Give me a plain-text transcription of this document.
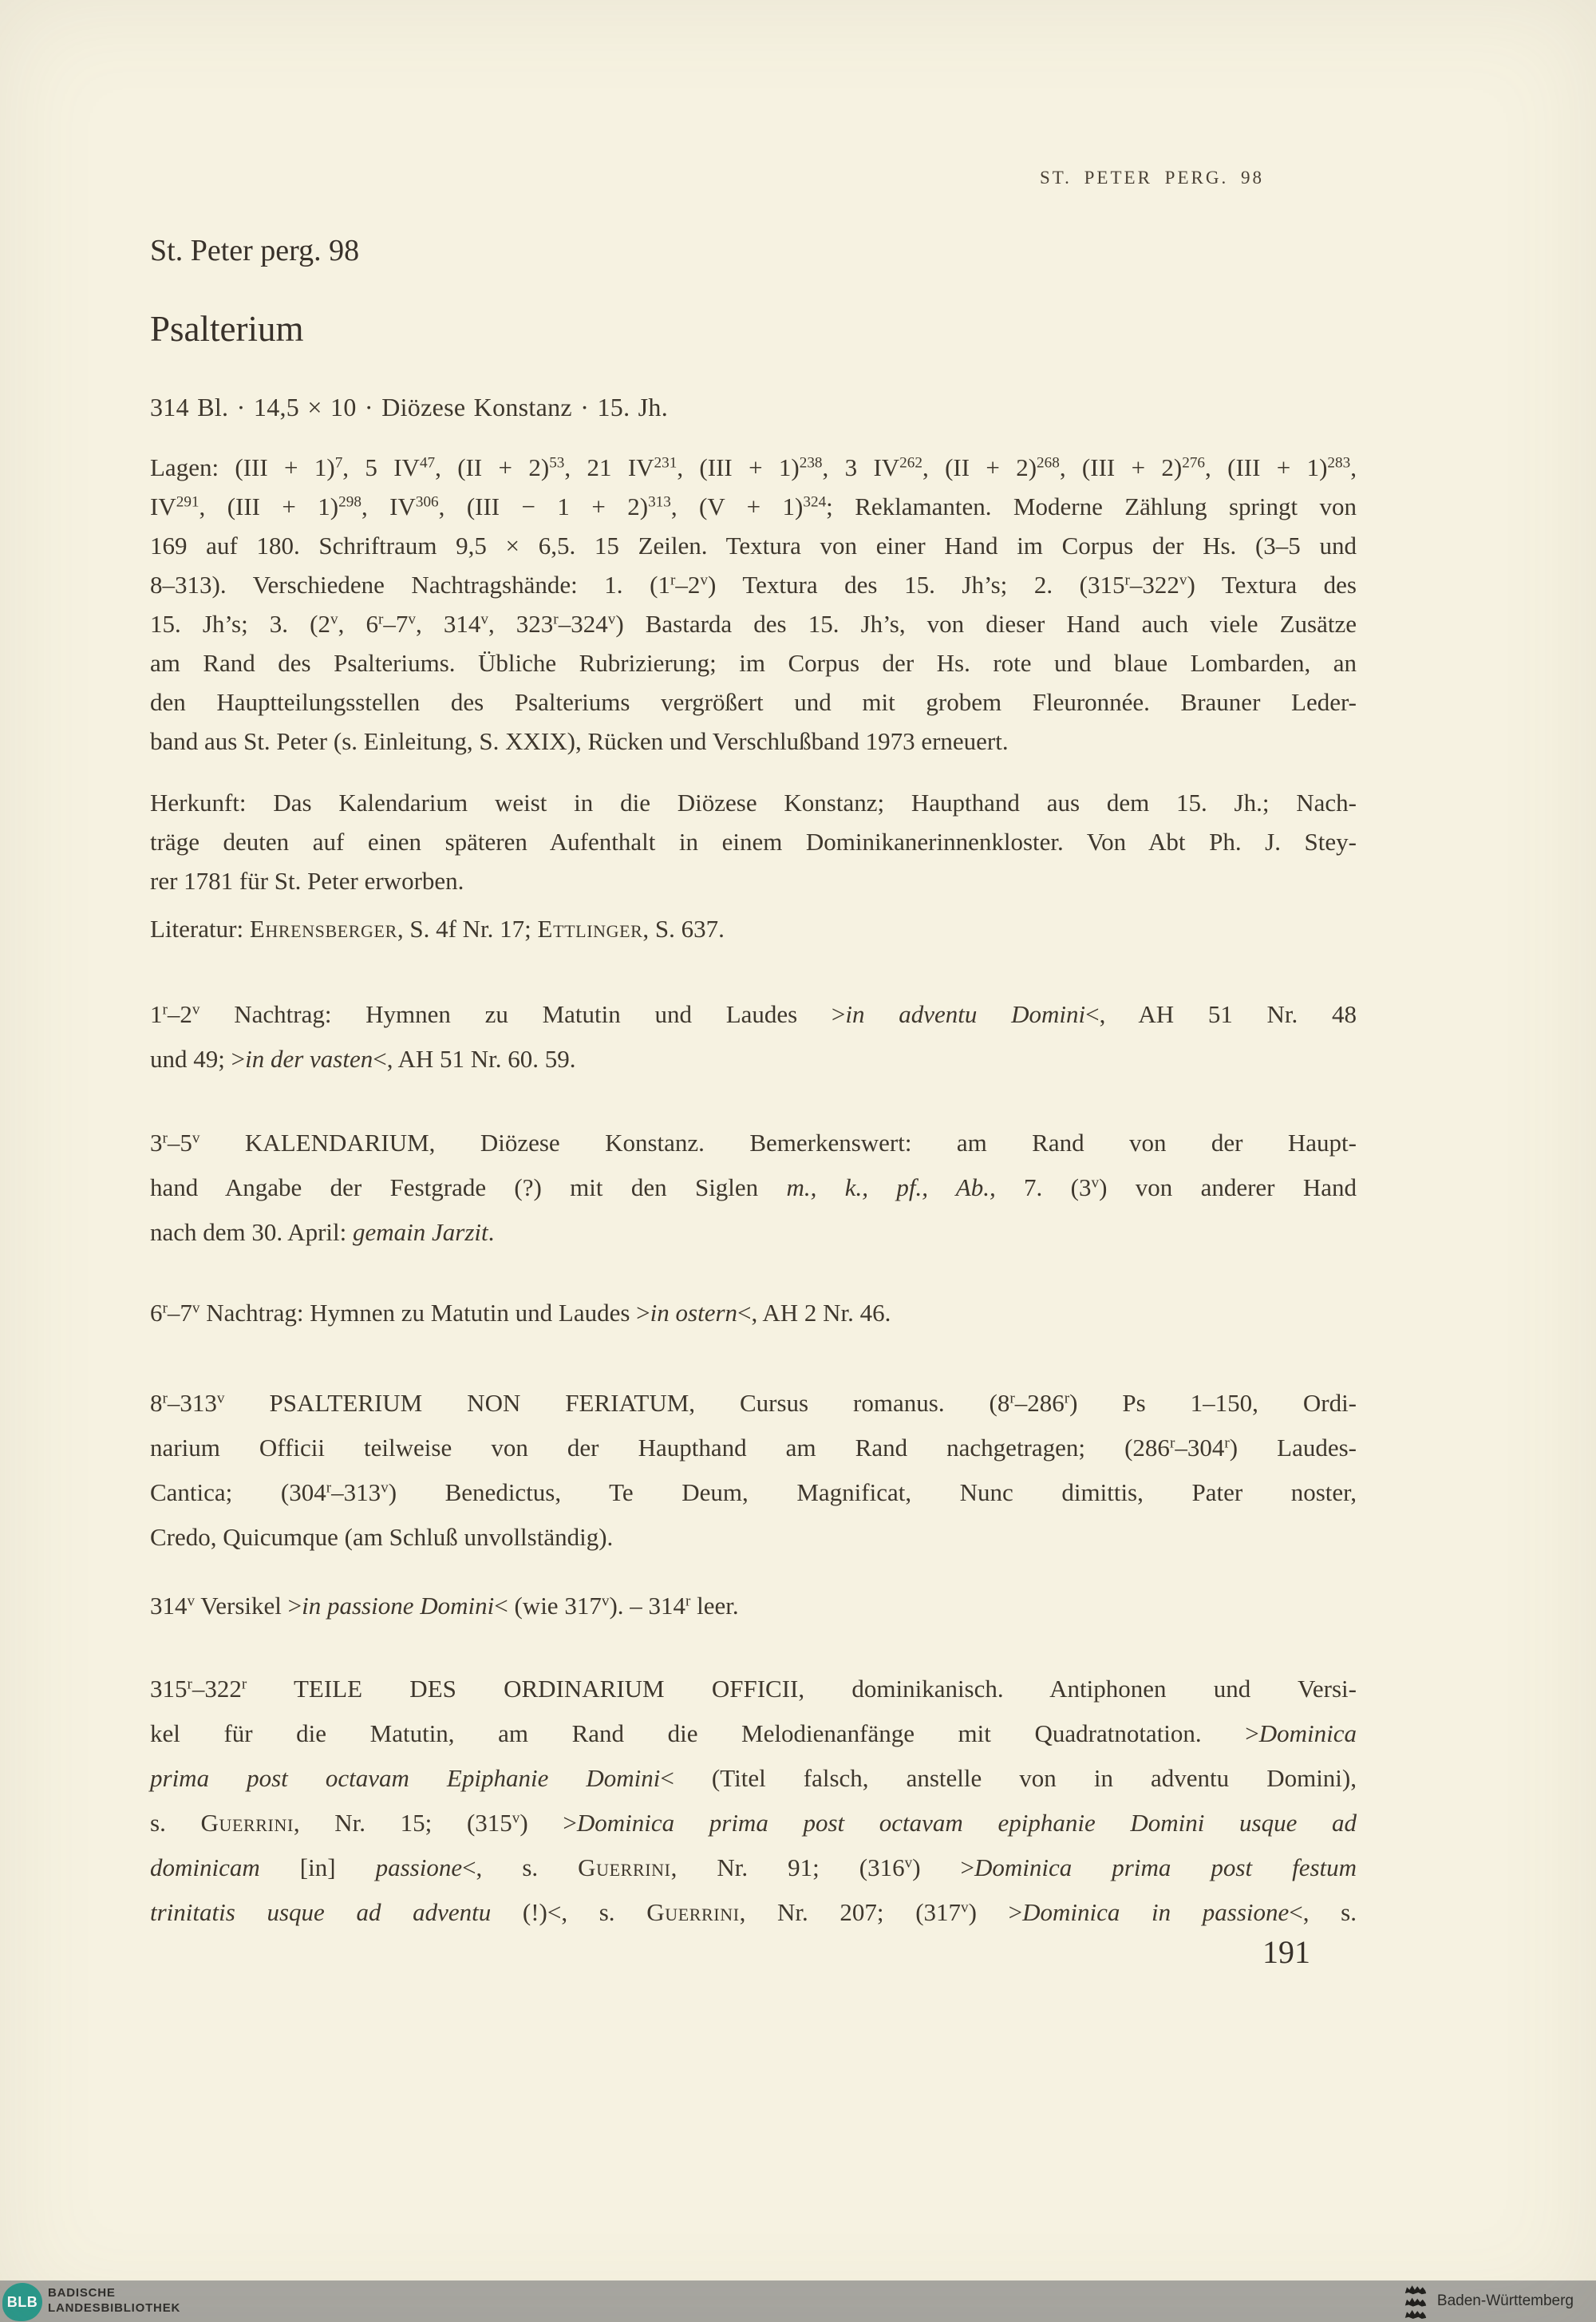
ST. PETER PERG. 98
St. Peter perg. 98
Psalterium
314 Bl. · 14,5 × 10 · Diözese Konstanz · 15. Jh.
Lagen: (III + 1)$^7$, 5 IV$^{47}$, (II + 2)$^{53}$, 21 IV$^{231}$, (III + 1)$^{238}$, 3 IV$^{262}$, (II + 2)$^{268}$, (III + 2)$^{276}$, (III + 1)$^{283}$,
IV$^{291}$, (III + 1)$^{298}$, IV$^{306}$, (III − 1 + 2)$^{313}$, $(V + 1)^{324}$; Reklamanten. Moderne Zählung springt von
169 auf 180. Schriftraum 9,5 × 6,5. 15 Zeilen. Textura von einer Hand im Corpus der Hs. (3–5 und
8–313). Verschiedene Nachtragshände: 1. (1$^r$–2$^v$) Textura des 15. Jh’s; 2. (315$^r$–322$^v$) Textura des
15. Jh’s; 3. (2$^v$, 6$^r$–7$^v$, 314$^v$, 323$^r$–324$^v$) Bastarda des 15. Jh’s, von dieser Hand auch viele Zusätze
am Rand des Psalteriums. Übliche Rubrizierung; im Corpus der Hs. rote und blaue Lombarden, an
den Hauptteilungsstellen des Psalteriums vergrößert und mit grobem Fleuronnée. Brauner Leder-
band aus St. Peter (s. Einleitung, S. XXIX), Rücken und Verschlußband 1973 erneuert.
Herkunft: Das Kalendarium weist in die Diözese Konstanz; Haupthand aus dem 15. Jh.; Nach-
träge deuten auf einen späteren Aufenthalt in einem Dominikanerinnenkloster. Von Abt Ph. J. Stey-
rer 1781 für St. Peter erworben.
Literatur: Ehrensberger, S. 4f Nr. 17; Ettlinger, S. 637.
1$^r$–2$^v$ Nachtrag: Hymnen zu Matutin und Laudes >in adventu Domini<, AH 51 Nr. 48
und 49; >in der vasten<, AH 51 Nr. 60. 59.
3$^r$–5$^v$ KALENDARIUM, Diözese Konstanz. Bemerkenswert: am Rand von der Haupt-
hand Angabe der Festgrade (?) mit den Siglen m., k., pf., Ab., 7. (3$^v$) von anderer Hand
nach dem 30. April: gemain Jarzit.
6$^r$–7$^v$ Nachtrag: Hymnen zu Matutin und Laudes >in ostern<, AH 2 Nr. 46.
8$^r$–313$^v$ PSALTERIUM NON FERIATUM, Cursus romanus. (8$^r$–286$^r$) Ps 1–150, Ordi-
narium Officii teilweise von der Haupthand am Rand nachgetragen; (286$^r$–304$^r$) Laudes-
Cantica; (304$^r$–313$^v$) Benedictus, Te Deum, Magnificat, Nunc dimittis, Pater noster,
Credo, Quicumque (am Schluß unvollständig).
314$^v$ Versikel >in passione Domini< (wie 317$^v$). – 314$^r$ leer.
315$^r$–322$^r$ TEILE DES ORDINARIUM OFFICII, dominikanisch. Antiphonen und Versi-
kel für die Matutin, am Rand die Melodienanfänge mit Quadratnotation. >Dominica
prima post octavam Epiphanie Domini< (Titel falsch, anstelle von in adventu Domini),
s. Guerrini, Nr. 15; $(315^v)$ >Dominica prima post octavam epiphanie Domini usque ad
dominicam [in] passione<, s. Guerrini, Nr. 91; $(316^v)$ >Dominica prima post festum
trinitatis usque ad adventu (!)<, s. Guerrini, Nr. 207; $(317^v)$ >Dominica in passione<, s.
191
BLB
BADISCHE
LANDESBIBLIOTHEK	Baden-Württemberg
